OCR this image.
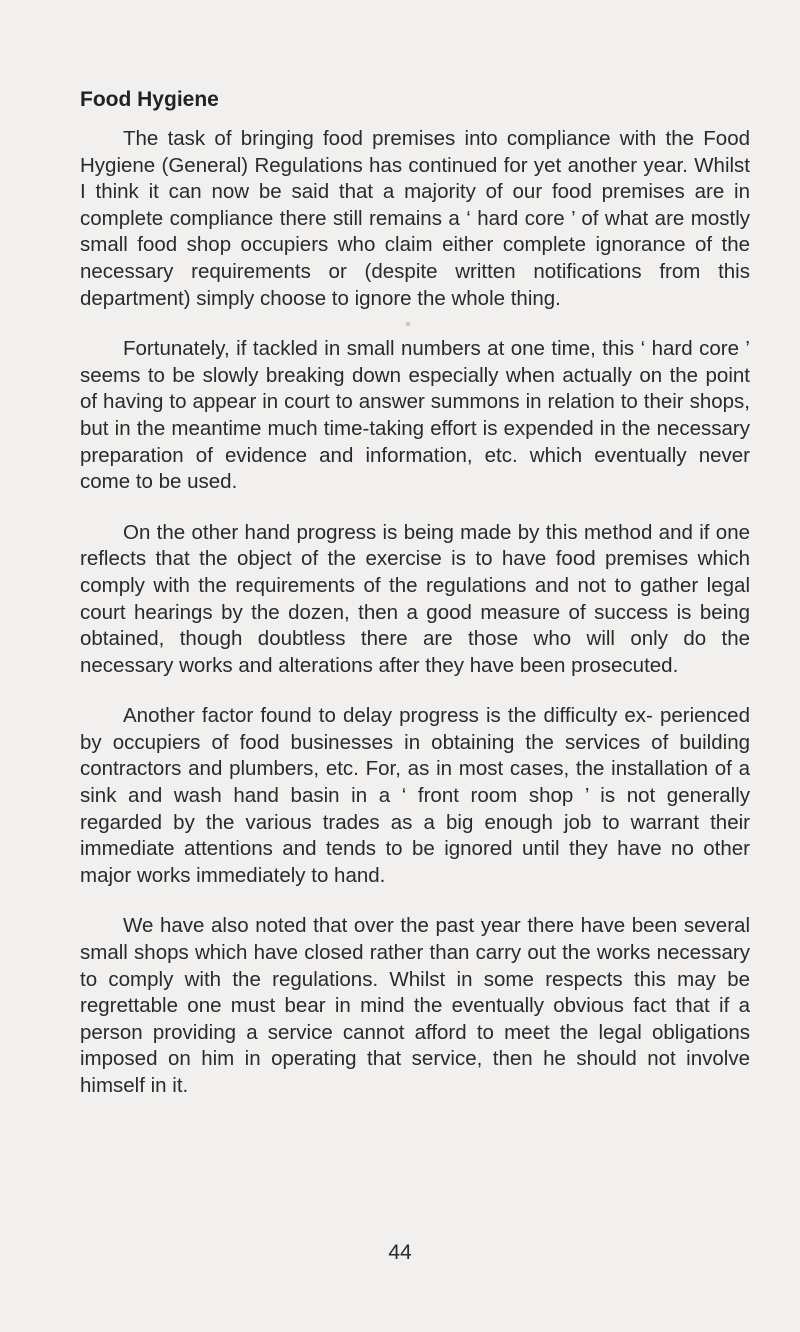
Food Hygiene

The task of bringing food premises into compliance with the Food Hygiene (General) Regulations has continued for yet another year. Whilst I think it can now be said that a majority of our food premises are in complete compliance there still remains a ‘ hard core ’ of what are mostly small food shop occupiers who claim either complete ignorance of the necessary requirements or (despite written notifications from this department) simply choose to ignore the whole thing.

Fortunately, if tackled in small numbers at one time, this ‘ hard core ’ seems to be slowly breaking down especially when actually on the point of having to appear in court to answer summons in relation to their shops, but in the meantime much time-taking effort is expended in the necessary preparation of evidence and information, etc. which eventually never come to be used.

On the other hand progress is being made by this method and if one reflects that the object of the exercise is to have food premises which comply with the requirements of the regulations and not to gather legal court hearings by the dozen, then a good measure of success is being obtained, though doubtless there are those who will only do the necessary works and alterations after they have been prosecuted.

Another factor found to delay progress is the difficulty ex- perienced by occupiers of food businesses in obtaining the services of building contractors and plumbers, etc. For, as in most cases, the installation of a sink and wash hand basin in a ‘ front room shop ’ is not generally regarded by the various trades as a big enough job to warrant their immediate attentions and tends to be ignored until they have no other major works immediately to hand.

We have also noted that over the past year there have been several small shops which have closed rather than carry out the works necessary to comply with the regulations. Whilst in some respects this may be regrettable one must bear in mind the eventually obvious fact that if a person providing a service cannot afford to meet the legal obligations imposed on him in operating that service, then he should not involve himself in it.

44
